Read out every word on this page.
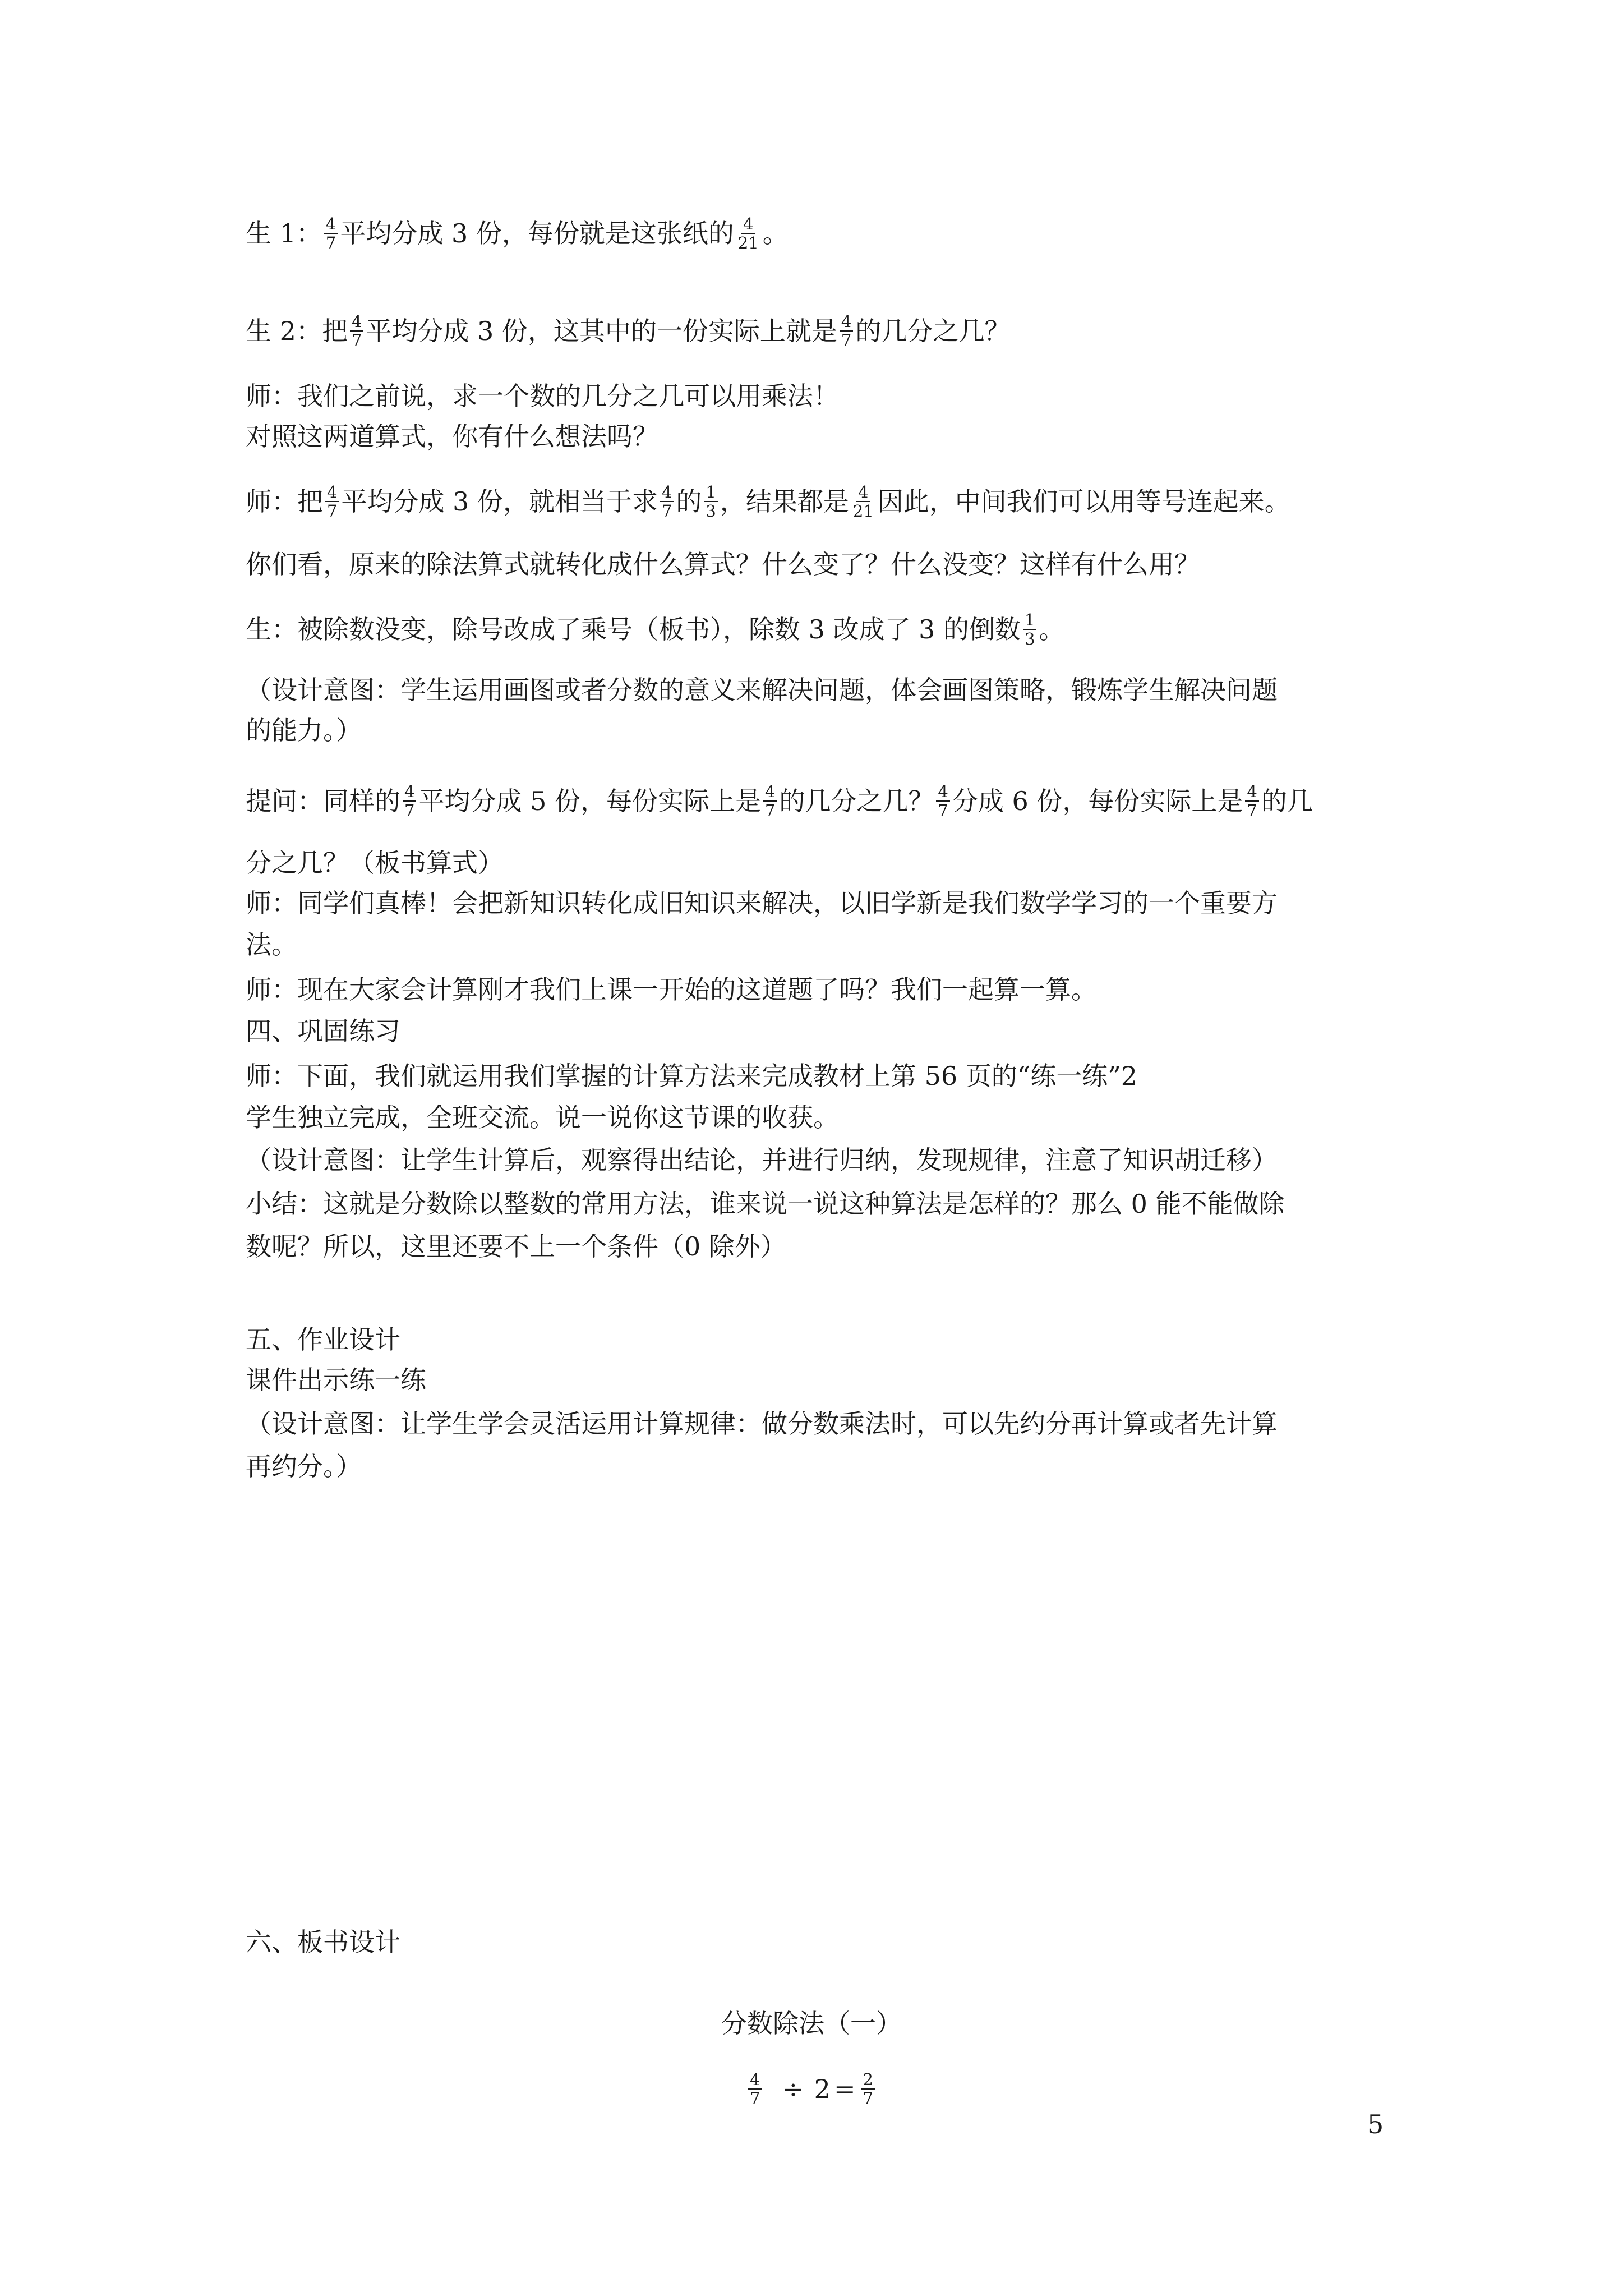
生 1： $\frac{4}{7}$ 平均分成 3 份，每份就是这张纸的 $\frac{4}{21}$ 。
生 2：把 $\frac{4}{7}$ 平均分成 3 份，这其中的一份实际上就是 $\frac{4}{7}$ 的几分之几？
师：我们之前说，求一个数的几分之几可以用乘法！
对照这两道算式，你有什么想法吗？
师：把 $\frac{4}{7}$ 平均分成 3 份，就相当于求 $\frac{4}{7}$ 的 $\frac{1}{3}$ ，结果都是 $\frac{4}{21}$ 因此，中间我们可以用等号连起来。
你们看，原来的除法算式就转化成什么算式？什么变了？什么没变？这样有什么用？
生：被除数没变，除号改成了乘号（板书），除数 3 改成了 3 的倒数 $\frac{1}{3}$ 。
（设计意图：学生运用画图或者分数的意义来解决问题，体会画图策略，锻炼学生解决问题
的能力。）
提问：同样的 $\frac{4}{7}$ 平均分成 5 份，每份实际上是 $\frac{4}{7}$ 的几分之几？ $\frac{4}{7}$ 分成 6 份，每份实际上是 $\frac{4}{7}$ 的几
分之几？（板书算式）
师：同学们真棒！会把新知识转化成旧知识来解决，以旧学新是我们数学学习的一个重要方
法。
师：现在大家会计算刚才我们上课一开始的这道题了吗？我们一起算一算。
四、巩固练习
师：下面，我们就运用我们掌握的计算方法来完成教材上第 56 页的“练一练”2
学生独立完成，全班交流。说一说你这节课的收获。
（设计意图：让学生计算后，观察得出结论，并进行归纳，发现规律，注意了知识胡迁移）
小结：这就是分数除以整数的常用方法，谁来说一说这种算法是怎样的？那么 0 能不能做除
数呢？所以，这里还要不上一个条件（0 除外）
五、作业设计
课件出示练一练
（设计意图：让学生学会灵活运用计算规律：做分数乘法时，可以先约分再计算或者先计算
再约分。）
六、板书设计
分数除法（一）
$\frac{4}{7} \div 2 = \frac{2}{7}$
5
